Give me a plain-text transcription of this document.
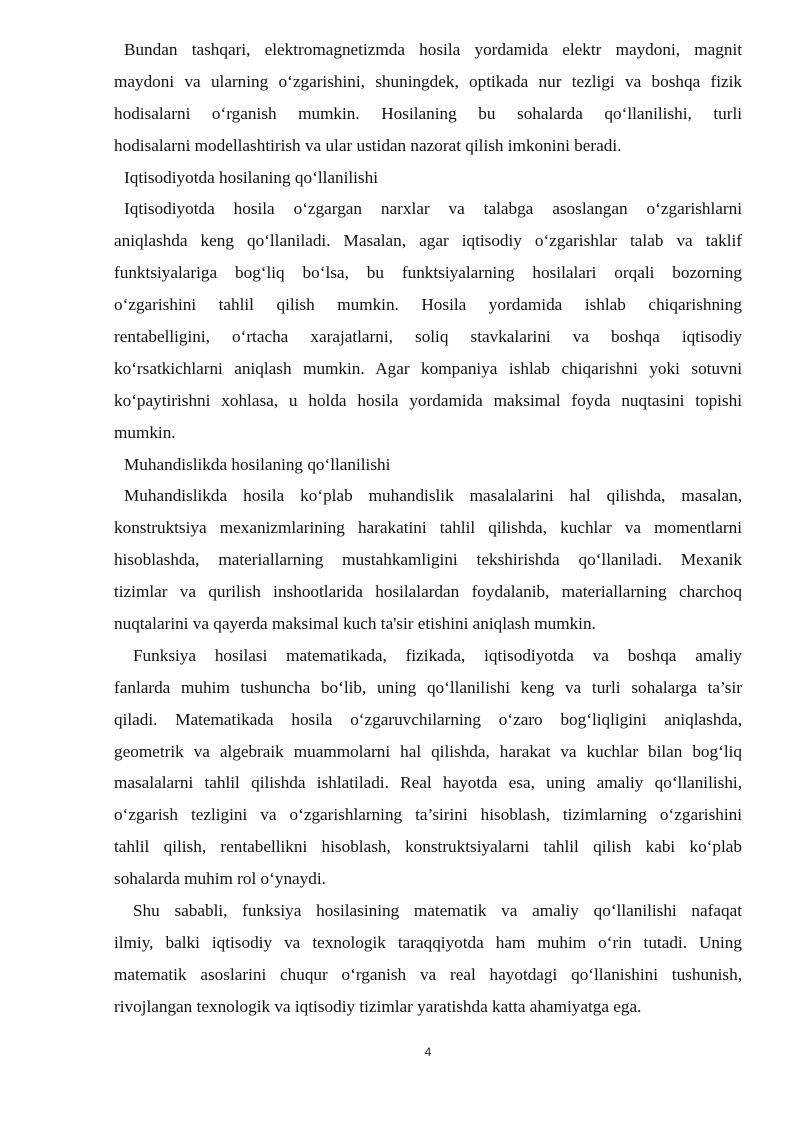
Bundan tashqari, elektromagnetizmda hosila yordamida elektr maydoni, magnit
maydoni va ularning o‘zgarishini, shuningdek, optikada nur tezligi va boshqa fizik
hodisalarni o‘rganish mumkin. Hosilaning bu sohalarda qo‘llanilishi, turli
hodisalarni modellashtirish va ular ustidan nazorat qilish imkonini beradi.
Iqtisodiyotda hosilaning qo‘llanilishi
Iqtisodiyotda hosila o‘zgargan narxlar va talabga asoslangan o‘zgarishlarni
aniqlashda keng qo‘llaniladi. Masalan, agar iqtisodiy o‘zgarishlar talab va taklif
funktsiyalariga bog‘liq bo‘lsa, bu funktsiyalarning hosilalari orqali bozorning
o‘zgarishini tahlil qilish mumkin. Hosila yordamida ishlab chiqarishning
rentabelligini, o‘rtacha xarajatlarni, soliq stavkalarini va boshqa iqtisodiy
ko‘rsatkichlarni aniqlash mumkin. Agar kompaniya ishlab chiqarishni yoki sotuvni
ko‘paytirishni xohlasa, u holda hosila yordamida maksimal foyda nuqtasini topishi
mumkin.
Muhandislikda hosilaning qo‘llanilishi
Muhandislikda hosila ko‘plab muhandislik masalalarini hal qilishda, masalan,
konstruktsiya mexanizmlarining harakatini tahlil qilishda, kuchlar va momentlarni
hisoblashda, materiallarning mustahkamligini tekshirishda qo‘llaniladi. Mexanik
tizimlar va qurilish inshootlarida hosilalardan foydalanib, materiallarning charchoq
nuqtalarini va qayerda maksimal kuch ta'sir etishini aniqlash mumkin.
Funksiya hosilasi matematikada, fizikada, iqtisodiyotda va boshqa amaliy
fanlarda muhim tushuncha bo‘lib, uning qo‘llanilishi keng va turli sohalarga ta’sir
qiladi. Matematikada hosila o‘zgaruvchilarning o‘zaro bog‘liqligini aniqlashda,
geometrik va algebraik muammolarni hal qilishda, harakat va kuchlar bilan bog‘liq
masalalarni tahlil qilishda ishlatiladi. Real hayotda esa, uning amaliy qo‘llanilishi,
o‘zgarish tezligini va o‘zgarishlarning ta’sirini hisoblash, tizimlarning o‘zgarishini
tahlil qilish, rentabellikni hisoblash, konstruktsiyalarni tahlil qilish kabi ko‘plab
sohalarda muhim rol o‘ynaydi.
Shu sababli, funksiya hosilasining matematik va amaliy qo‘llanilishi nafaqat
ilmiy, balki iqtisodiy va texnologik taraqqiyotda ham muhim o‘rin tutadi. Uning
matematik asoslarini chuqur o‘rganish va real hayotdagi qo‘llanishini tushunish,
rivojlangan texnologik va iqtisodiy tizimlar yaratishda katta ahamiyatga ega.
4
